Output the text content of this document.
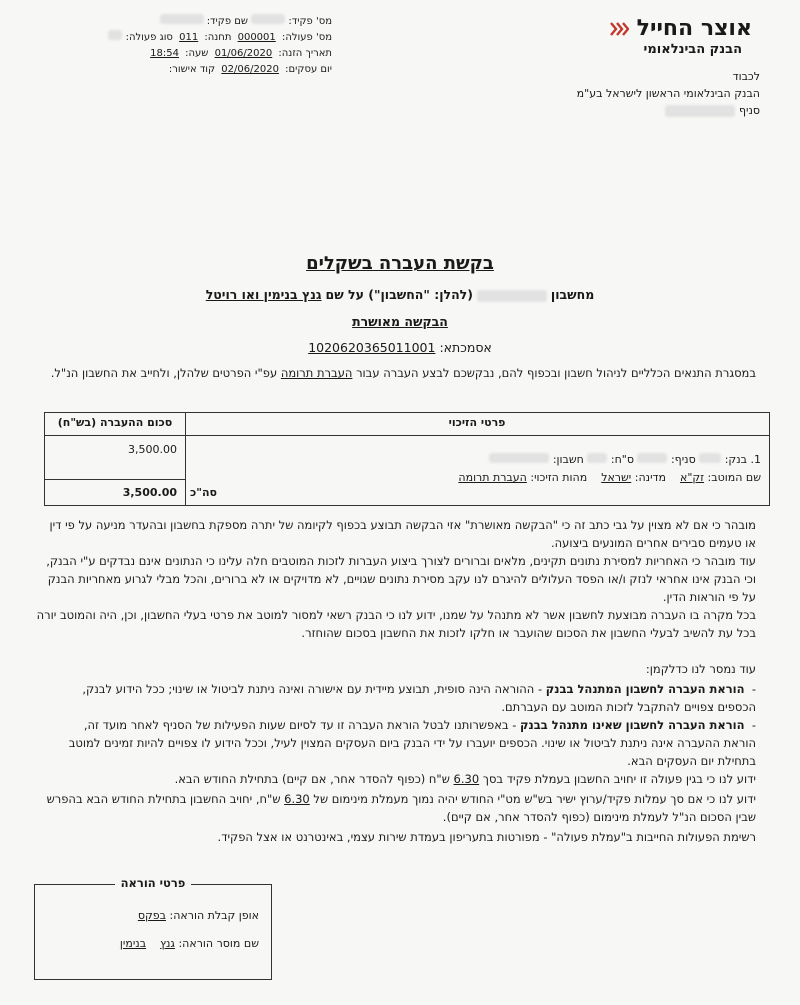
מס' פקיד:  שם פקיד:
מס' פעולה: 000001 תחנה: 011 סוג פעולה:
תאריך הזנה: 01/06/2020 שעה: 18:54
יום עסקים: 02/06/2020 קוד אישור:
אוצר החייל
הבנק הבינלאומי
לכבוד
הבנק הבינלאומי הראשון לישראל בע"מ
סניף
בקשת העברה בשקלים
מחשבון  (להלן: "החשבון") על שם גנץ בנימין ואו רויטל
הבקשה מאושרת
אסמכתא: 1020620365011001
במסגרת התנאים הכלליים לניהול חשבון ובכפוף להם, נבקשכם לבצע העברה עבור העברת תרומה עפ"י הפרטים שלהלן, ולחייב את החשבון הנ"ל.
סכום ההעברה (בש"ח)	פרטי הזיכוי
3,500.00
1. בנק:  סניף:  ס"ח:  חשבון:
שם המוטב: זק"א    מדינה: ישראל    מהות הזיכוי: העברת תרומה
3,500.00 סה"כ
מובהר כי אם לא מצוין על גבי כתב זה כי "הבקשה מאושרת" אזי הבקשה תבוצע בכפוף לקיומה של יתרה מספקת בחשבון ובהעדר מניעה על פי דין או טעמים סבירים אחרים המונעים ביצועה.
עוד מובהר כי האחריות למסירת נתונים תקינים, מלאים וברורים לצורך ביצוע העברות לזכות המוטבים חלה עלינו כי הנתונים אינם נבדקים ע"י הבנק, וכי הבנק אינו אחראי לנזק ו/או הפסד העלולים להיגרם לנו עקב מסירת נתונים שגויים, לא מדויקים או לא ברורים, והכל מבלי לגרוע מאחריות הבנק על פי הוראות הדין.
בכל מקרה בו העברה מבוצעת לחשבון אשר לא מתנהל על שמנו, ידוע לנו כי הבנק רשאי למסור למוטב את פרטי בעלי החשבון, וכן, היה והמוטב יורה בכל עת להשיב לבעלי החשבון את הסכום שהועבר או חלקו לזכות את החשבון בסכום שהוחזר.
עוד נמסר לנו כדלקמן:
-  הוראת העברה לחשבון המתנהל בבנק - ההוראה הינה סופית, תבוצע מיידית עם אישורה ואינה ניתנת לביטול או שינוי; ככל הידוע לבנק, הכספים צפויים להתקבל לזכות המוטב עם העברתם.
-  הוראת העברה לחשבון שאינו מתנהל בבנק - באפשרותנו לבטל הוראת העברה זו עד לסיום שעות הפעילות של הסניף לאחר מועד זה, הוראת ההעברה אינה ניתנת לביטול או שינוי. הכספים יועברו על ידי הבנק ביום העסקים המצוין לעיל, וככל הידוע לו צפויים להיות זמינים למוטב בתחילת יום העסקים הבא.
ידוע לנו כי בגין פעולה זו יחויב החשבון בעמלת פקיד בסך 6.30 ש"ח (כפוף להסדר אחר, אם קיים) בתחילת החודש הבא.
ידוע לנו כי אם סך עמלות פקיד/ערוץ ישיר בש"ש מט"י החודש יהיה נמוך מעמלת מינימום של 6.30 ש"ח, יחויב החשבון בתחילת החודש הבא בהפרש שבין הסכום הנ"ל לעמלת מינימום (כפוף להסדר אחר, אם קיים).
רשימת הפעולות החייבות ב"עמלת פעולה" - מפורטות בתעריפון בעמדת שירות עצמי, באינטרנט או אצל הפקיד.
פרטי הוראה
אופן קבלת הוראה: בפקס
שם מוסר הוראה: גנץ    בנימין
